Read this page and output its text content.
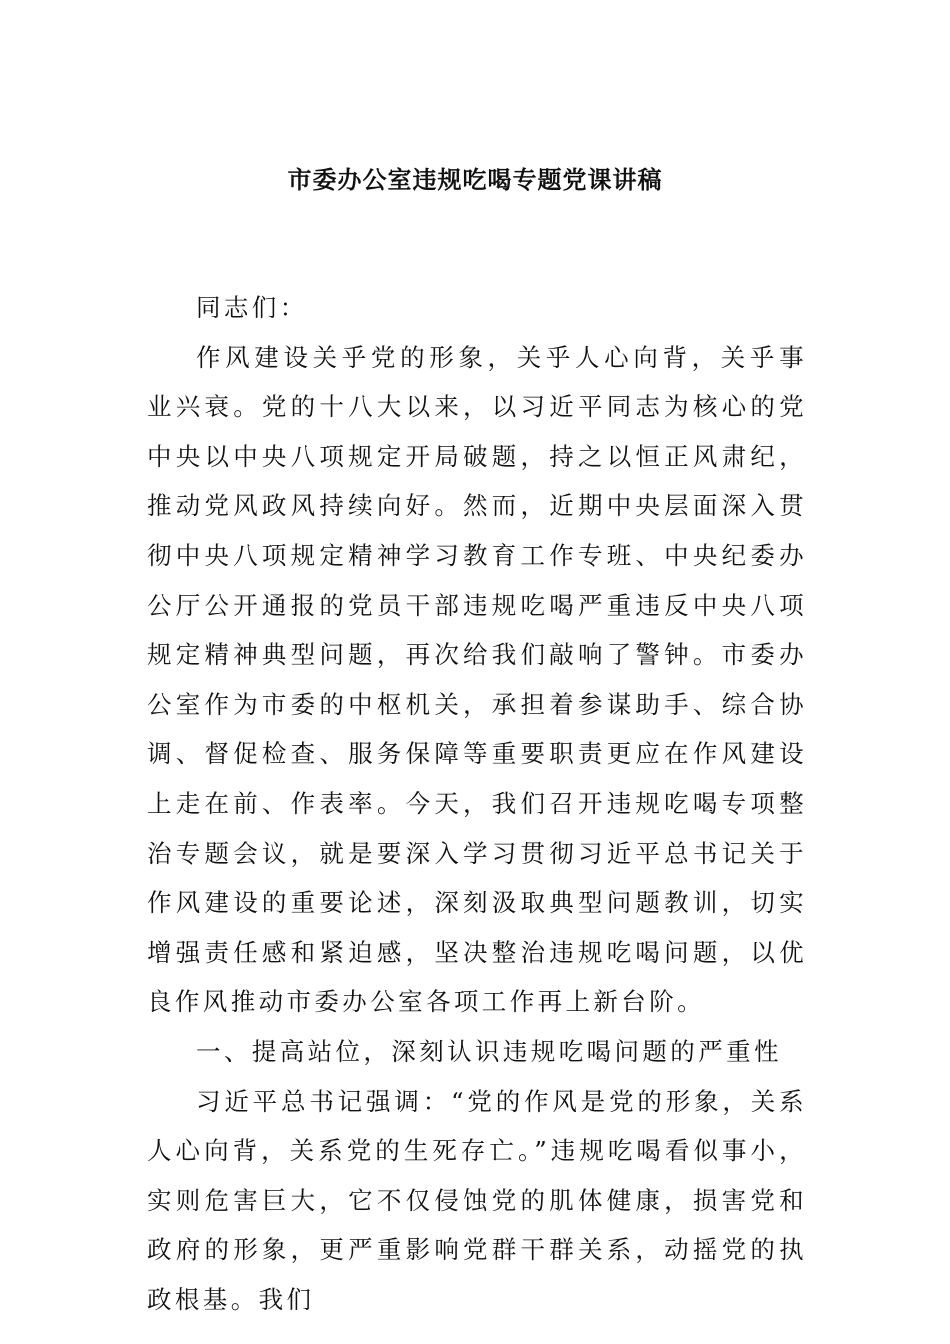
市委办公室违规吃喝专题党课讲稿

同志们：

作风建设关乎党的形象，关乎人心向背，关乎事业兴衰。党的十八大以来，以习近平同志为核心的党中央以中央八项规定开局破题，持之以恒正风肃纪，推动党风政风持续向好。然而，近期中央层面深入贯彻中央八项规定精神学习教育工作专班、中央纪委办公厅公开通报的党员干部违规吃喝严重违反中央八项规定精神典型问题，再次给我们敲响了警钟。市委办公室作为市委的中枢机关，承担着参谋助手、综合协调、督促检查、服务保障等重要职责更应在作风建设上走在前、作表率。今天，我们召开违规吃喝专项整治专题会议，就是要深入学习贯彻习近平总书记关于作风建设的重要论述，深刻汲取典型问题教训，切实增强责任感和紧迫感，坚决整治违规吃喝问题，以优良作风推动市委办公室各项工作再上新台阶。

一、提高站位，深刻认识违规吃喝问题的严重性

习近平总书记强调：“党的作风是党的形象，关系人心向背，关系党的生死存亡。”违规吃喝看似事小，实则危害巨大，它不仅侵蚀党的肌体健康，损害党和政府的形象，更严重影响党群干群关系，动摇党的执政根基。我们
